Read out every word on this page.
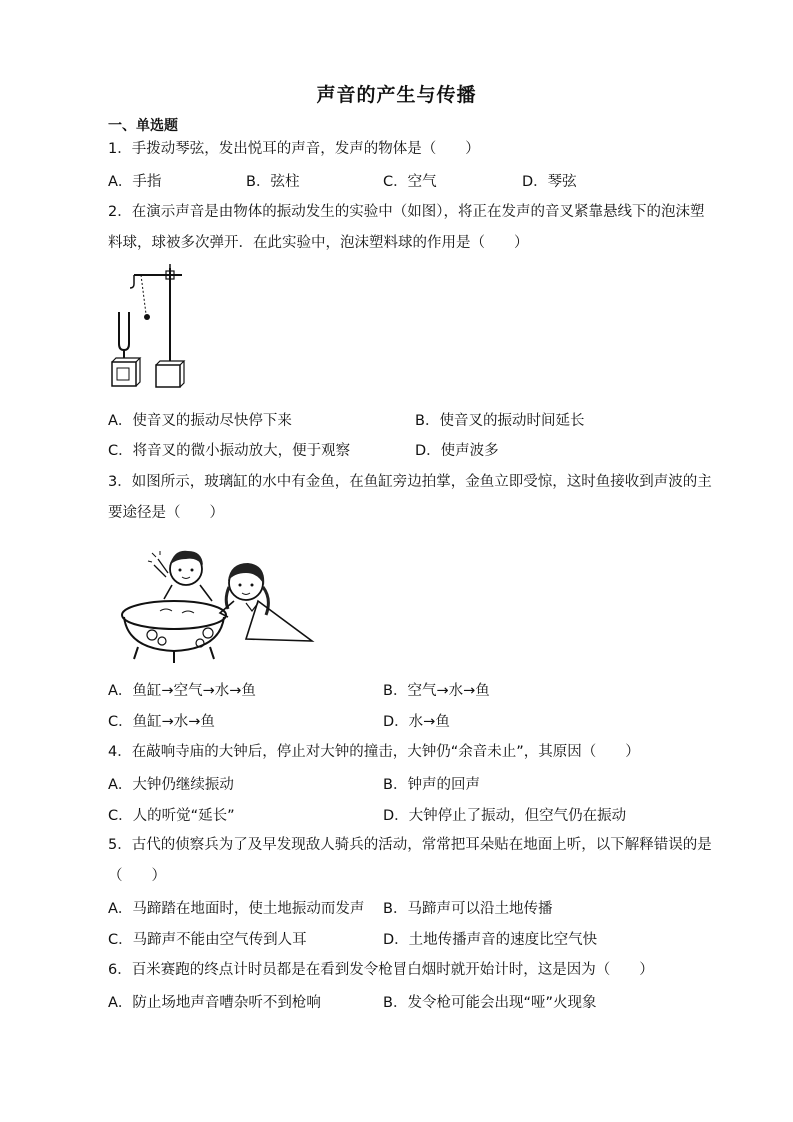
声音的产生与传播
一、单选题
1．手拨动琴弦，发出悦耳的声音，发声的物体是（　　）
A．手指	B．弦柱	C．空气	D．琴弦
2．在演示声音是由物体的振动发生的实验中（如图），将正在发声的音叉紧靠悬线下的泡沫塑
料球，球被多次弹开．在此实验中，泡沫塑料球的作用是（　　）
A．使音叉的振动尽快停下来	B．使音叉的振动时间延长
C．将音叉的微小振动放大，便于观察	D．使声波多
3．如图所示，玻璃缸的水中有金鱼，在鱼缸旁边拍掌，金鱼立即受惊，这时鱼接收到声波的主
要途径是（　　）
A．鱼缸→空气→水→鱼	B．空气→水→鱼
C．鱼缸→水→鱼	D．水→鱼
4．在敲响寺庙的大钟后，停止对大钟的撞击，大钟仍“余音未止”，其原因（　　）
A．大钟仍继续振动	B．钟声的回声
C．人的听觉“延长”	D．大钟停止了振动，但空气仍在振动
5．古代的侦察兵为了及早发现敌人骑兵的活动，常常把耳朵贴在地面上听，以下解释错误的是
（　　）
A．马蹄踏在地面时，使土地振动而发声 B．马蹄声可以沿土地传播
C．马蹄声不能由空气传到人耳	D．土地传播声音的速度比空气快
6．百米赛跑的终点计时员都是在看到发令枪冒白烟时就开始计时，这是因为（　　）
A．防止场地声音嘈杂听不到枪响	B．发令枪可能会出现“哑”火现象
